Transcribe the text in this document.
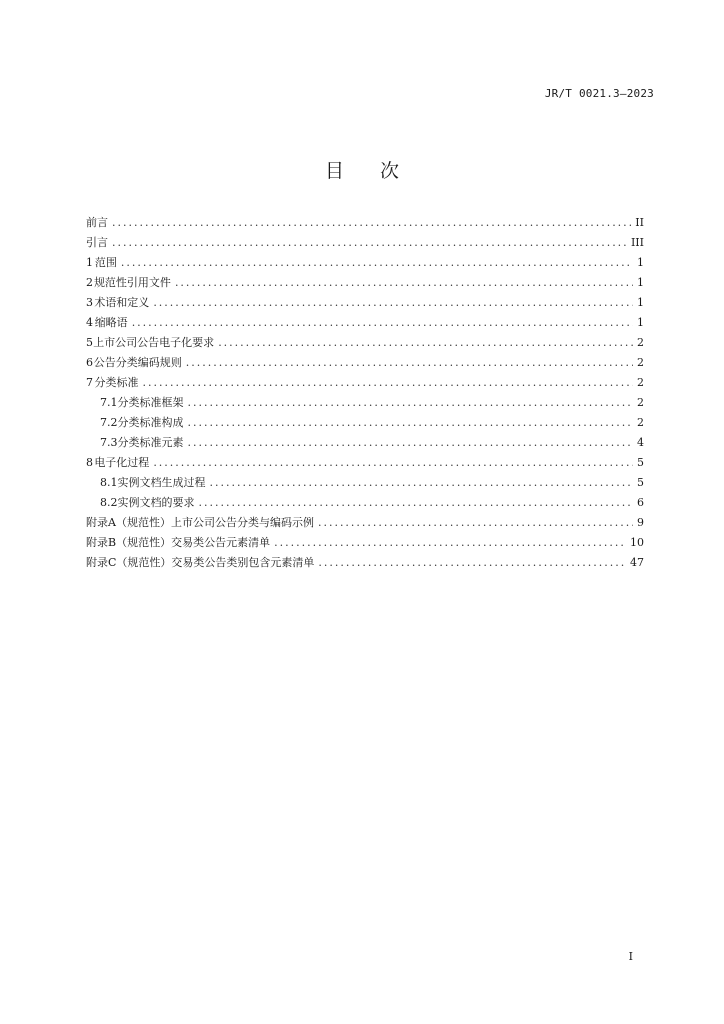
JR/T 0021.3—2023
目 次
前言 .....	II
引言 .....	III
1 范围 .....	1
2 规范性引用文件 .....	1
3 术语和定义 .....	1
4 缩略语 .....	1
5 上市公司公告电子化要求 .....	2
6 公告分类编码规则 .....	2
7 分类标准 .....	2
7.1 分类标准框架 .....	2
7.2 分类标准构成 .....	2
7.3 分类标准元素 .....	4
8 电子化过程 .....	5
8.1 实例文档生成过程 .....	5
8.2 实例文档的要求 .....	6
附录A（规范性）上市公司公告分类与编码示例 .....	9
附录B（规范性）交易类公告元素清单 .....	10
附录C（规范性）交易类公告类别包含元素清单 .....	47
I
